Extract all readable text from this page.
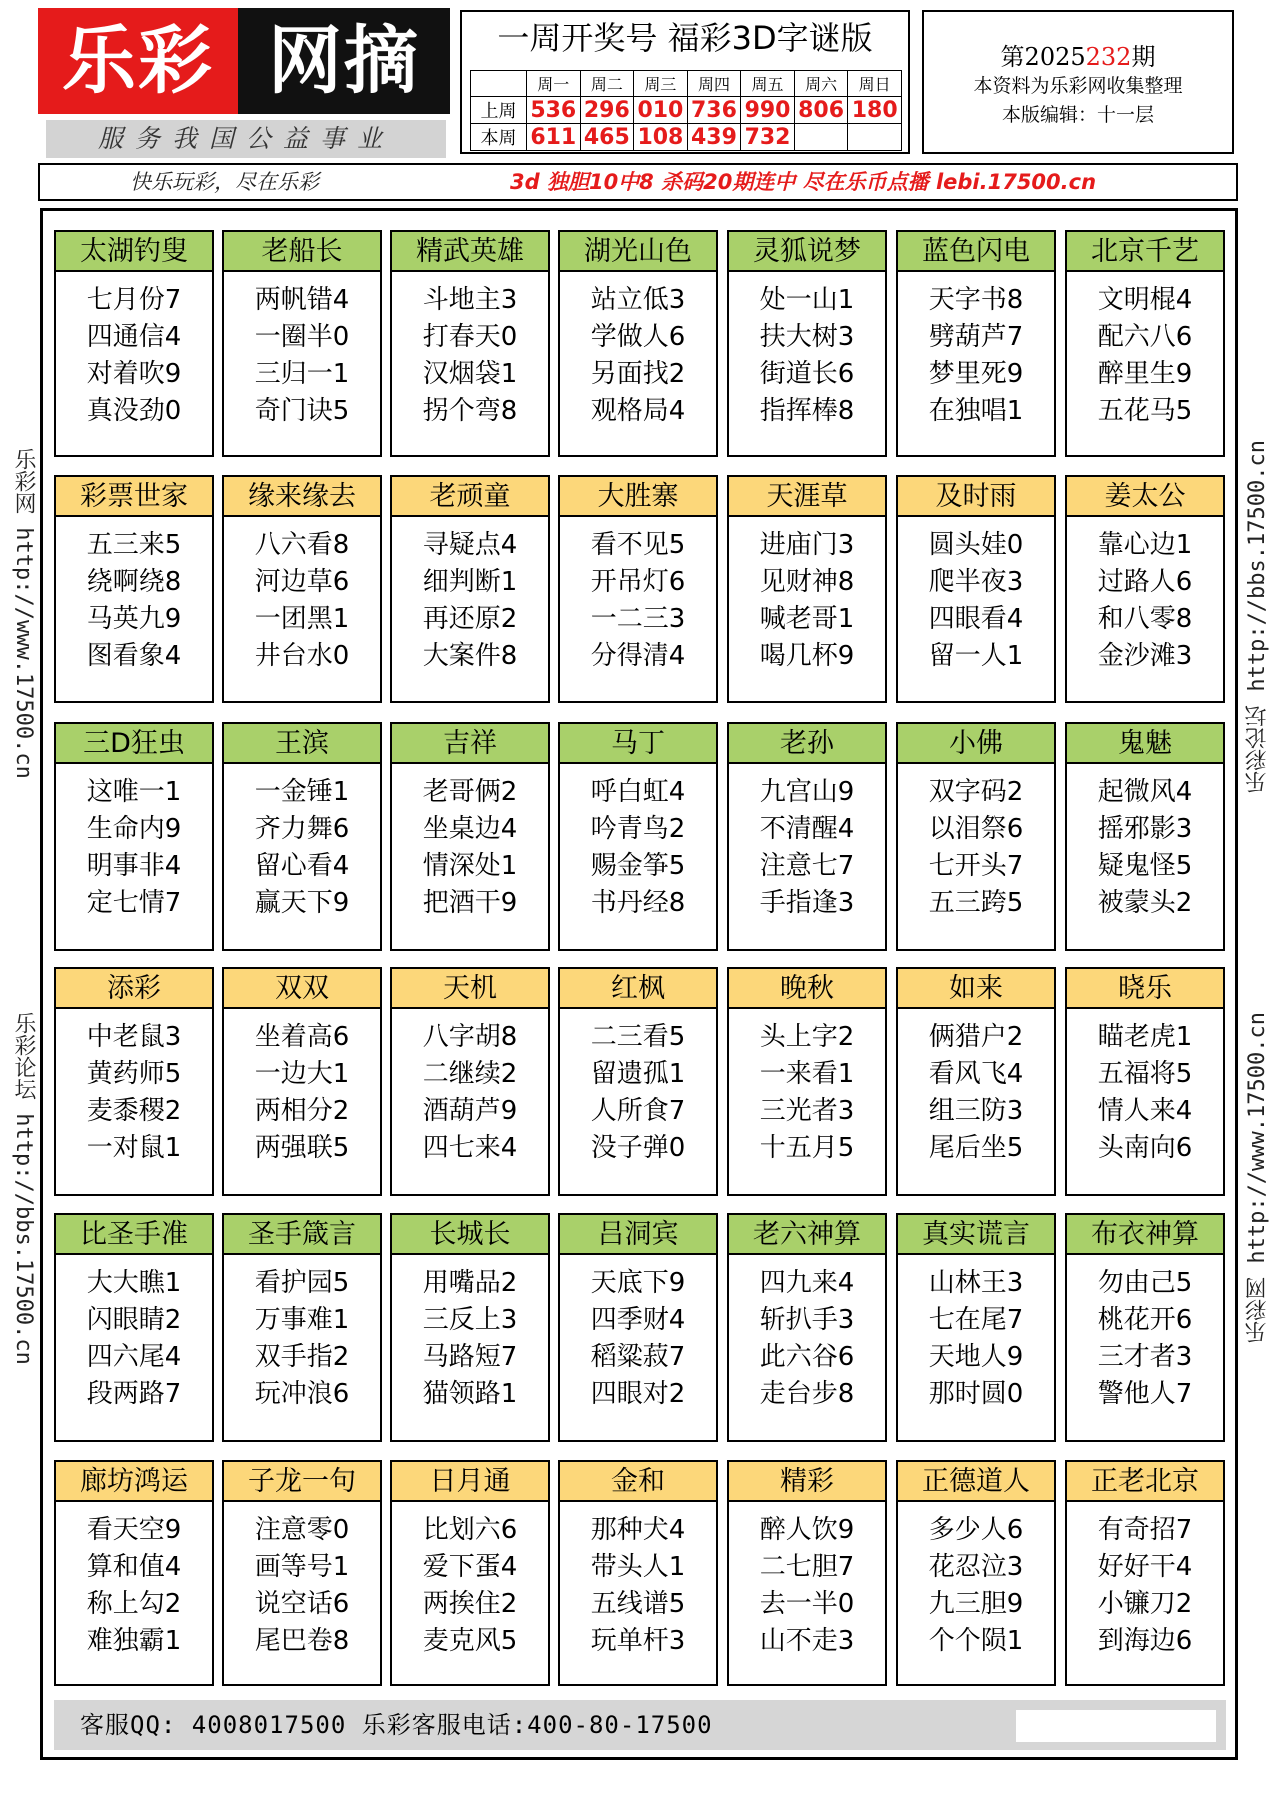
乐彩 网摘
服务我国公益事业
一周开奖号 福彩3D字谜版
	周一	周二	周三	周四	周五	周六	周日
上周	536	296	010	736	990	806	180
本周	611	465	108	439	732		
第2025232期
本资料为乐彩网收集整理
本版编辑：十一层
快乐玩彩，尽在乐彩	3d 独胆10中8 杀码20期连中 尽在乐币点播 lebi.17500.cn
乐彩网 http://www.17500.cn
乐彩论坛 http://bbs.17500.cn
乐彩论坛 http://bbs.17500.cn
乐彩网 http://www.17500.cn
太湖钓叟
七月份7
四通信4
对着吹9
真没劲0
老船长
两帆错4
一圈半0
三归一1
奇门诀5
精武英雄
斗地主3
打春天0
汉烟袋1
拐个弯8
湖光山色
站立低3
学做人6
另面找2
观格局4
灵狐说梦
处一山1
扶大树3
街道长6
指挥棒8
蓝色闪电
天字书8
劈葫芦7
梦里死9
在独唱1
北京千艺
文明棍4
配六八6
醉里生9
五花马5
彩票世家
五三来5
绕啊绕8
马英九9
图看象4
缘来缘去
八六看8
河边草6
一团黑1
井台水0
老顽童
寻疑点4
细判断1
再还原2
大案件8
大胜寨
看不见5
开吊灯6
一二三3
分得清4
天涯草
进庙门3
见财神8
喊老哥1
喝几杯9
及时雨
圆头娃0
爬半夜3
四眼看4
留一人1
姜太公
靠心边1
过路人6
和八零8
金沙滩3
三D狂虫
这唯一1
生命内9
明事非4
定七情7
王滨
一金锤1
齐力舞6
留心看4
赢天下9
吉祥
老哥俩2
坐桌边4
情深处1
把酒干9
马丁
呼白虹4
吟青鸟2
赐金筝5
书丹经8
老孙
九宫山9
不清醒4
注意七7
手指逢3
小佛
双字码2
以泪祭6
七开头7
五三跨5
鬼魅
起微风4
摇邪影3
疑鬼怪5
被蒙头2
添彩
中老鼠3
黄药师5
麦黍稷2
一对鼠1
双双
坐着高6
一边大1
两相分2
两强联5
天机
八字胡8
二继续2
酒葫芦9
四七来4
红枫
二三看5
留遗孤1
人所食7
没子弹0
晚秋
头上字2
一来看1
三光者3
十五月5
如来
俩猎户2
看风飞4
组三防3
尾后坐5
晓乐
瞄老虎1
五福将5
情人来4
头南向6
比圣手准
大大瞧1
闪眼睛2
四六尾4
段两路7
圣手箴言
看护园5
万事难1
双手指2
玩冲浪6
长城长
用嘴品2
三反上3
马路短7
猫领路1
吕洞宾
天底下9
四季财4
稻粱菽7
四眼对2
老六神算
四九来4
斩扒手3
此六谷6
走台步8
真实谎言
山林王3
七在尾7
天地人9
那时圆0
布衣神算
勿由己5
桃花开6
三才者3
警他人7
廊坊鸿运
看天空9
算和值4
称上勾2
难独霸1
子龙一句
注意零0
画等号1
说空话6
尾巴卷8
日月通
比划六6
爱下蛋4
两挨住2
麦克风5
金和
那种犬4
带头人1
五线谱5
玩单杆3
精彩
醉人饮9
二七胆7
去一半0
山不走3
正德道人
多少人6
花忍泣3
九三胆9
个个陨1
正老北京
有奇招7
好好干4
小镰刀2
到海边6
客服QQ: 4008017500 乐彩客服电话:400-80-17500
